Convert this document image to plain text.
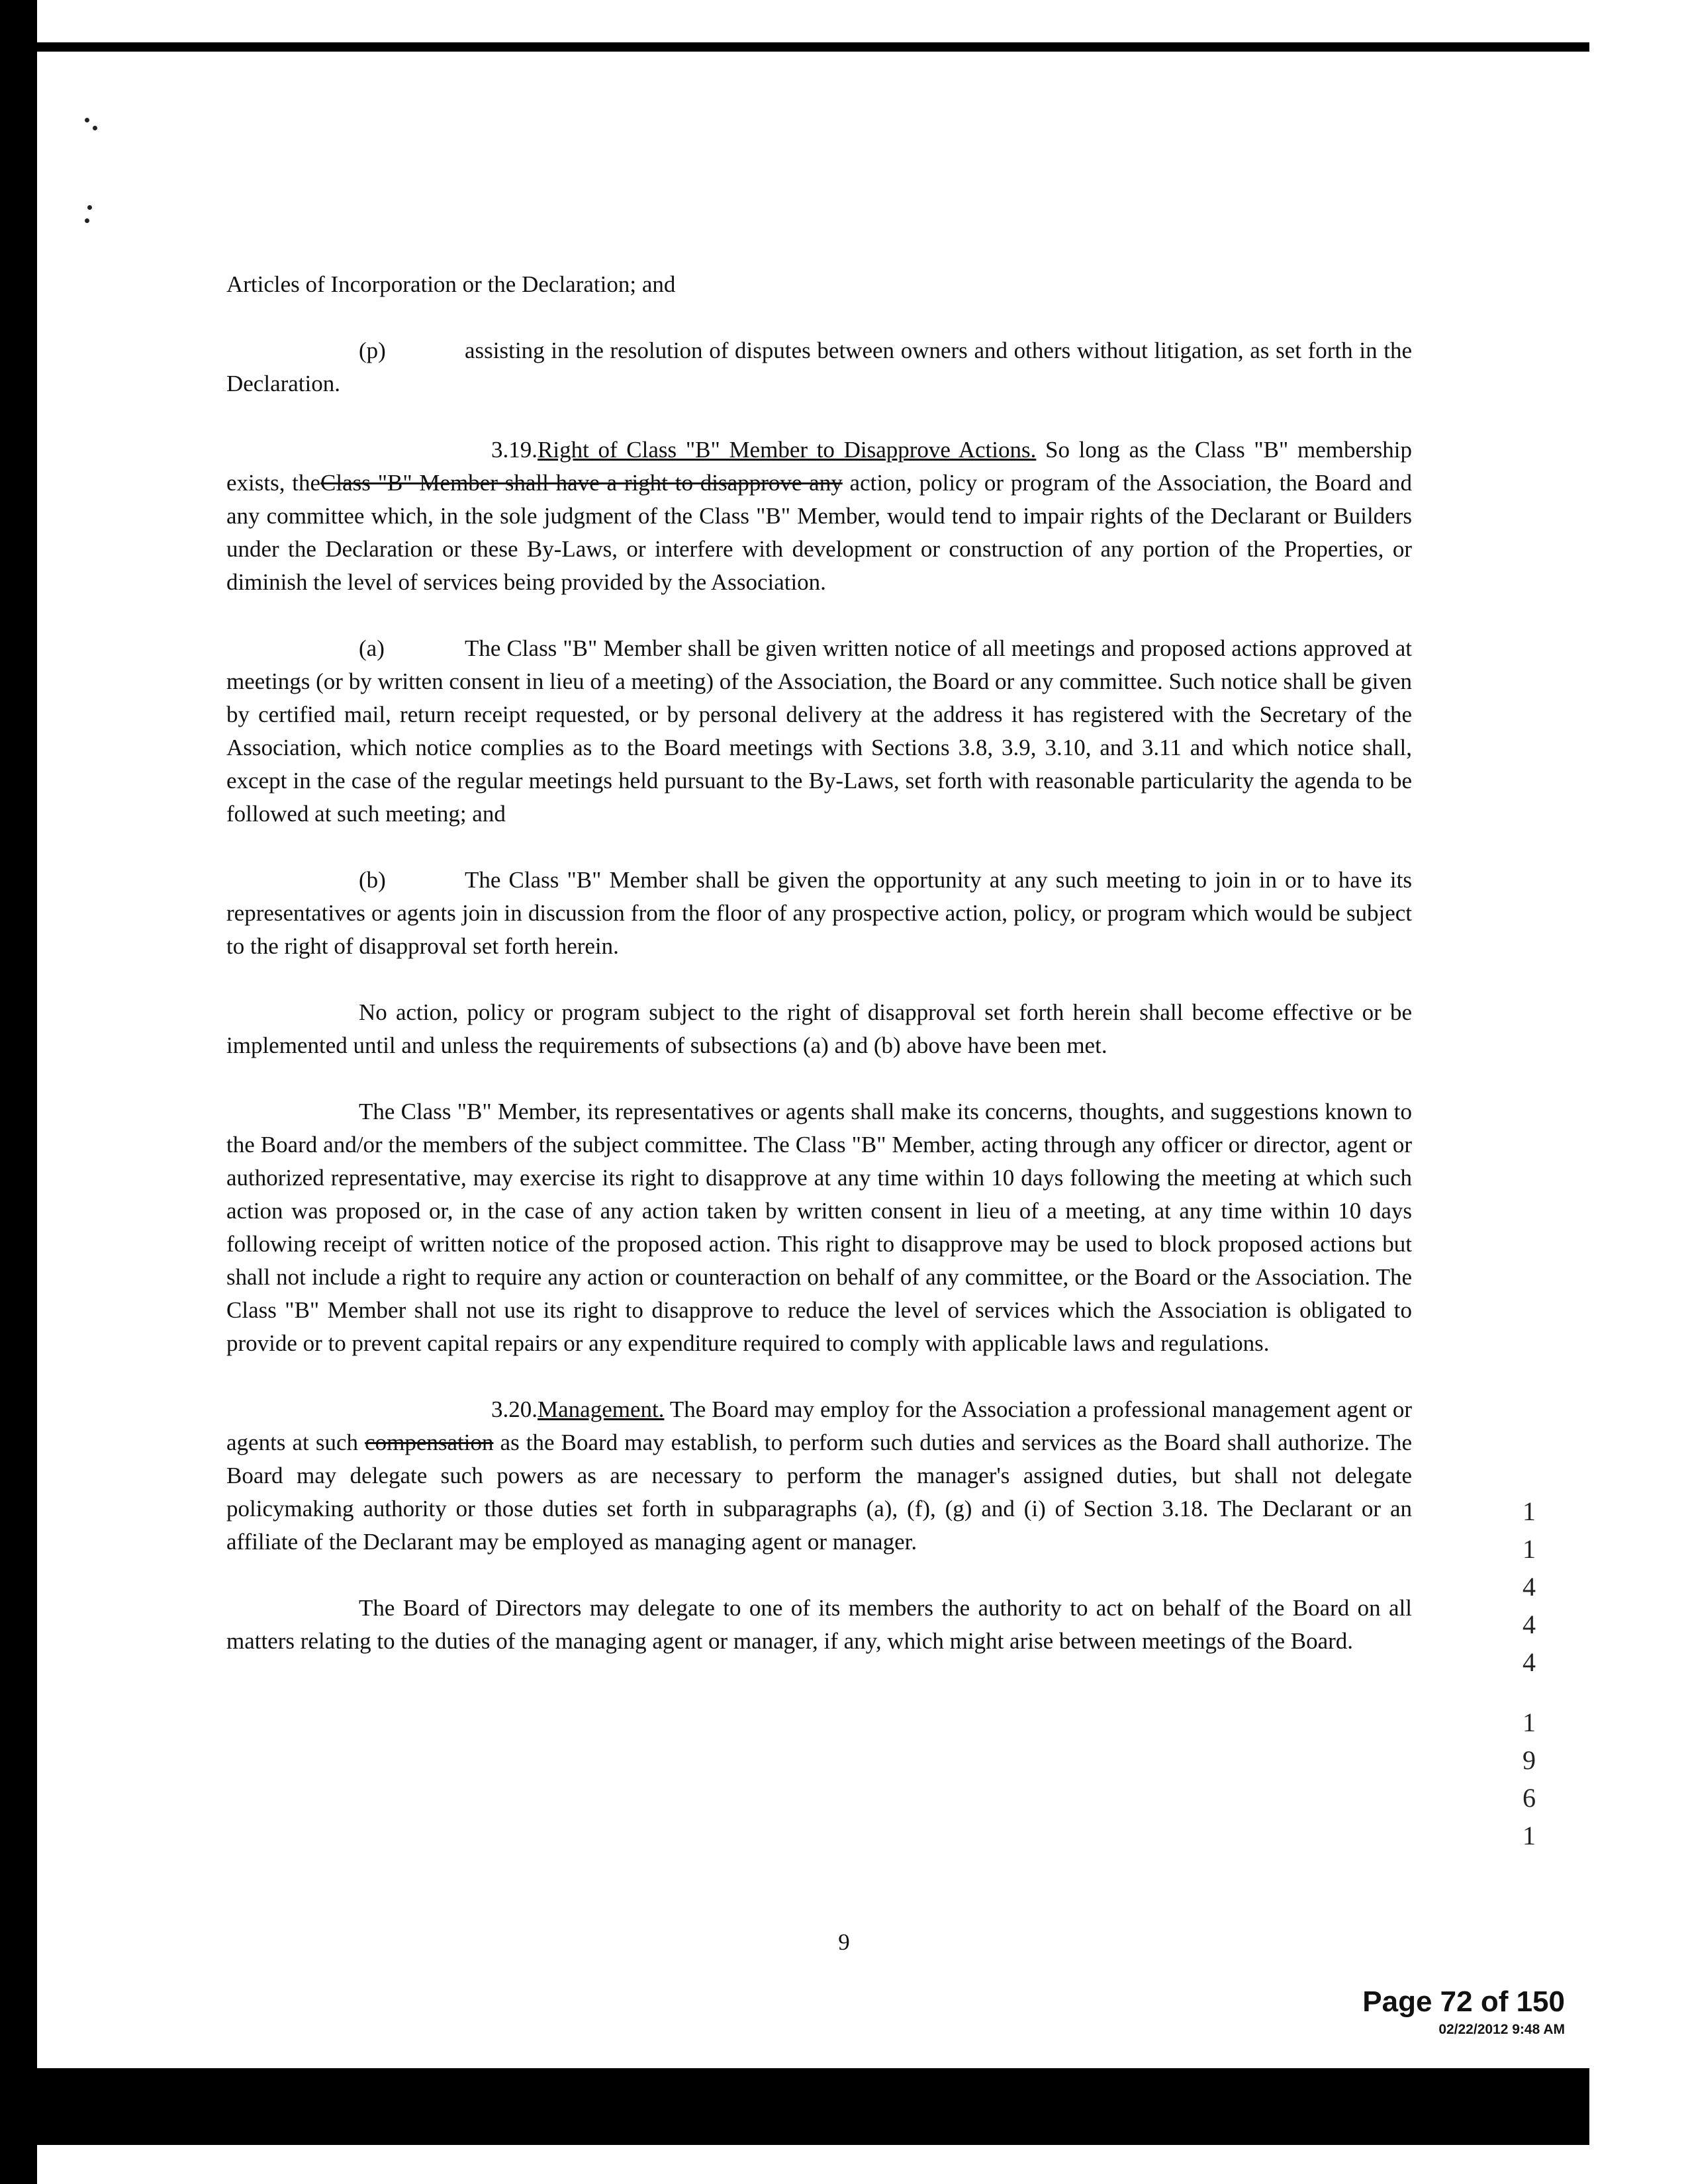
Articles of Incorporation or the Declaration; and

(p)	assisting in the resolution of disputes between owners and others without litigation, as set forth in the Declaration.

3.19.Right of Class "B" Member to Disapprove Actions. So long as the Class "B" membership exists, theClass "B" Member shall have a right to disapprove any action, policy or program of the Association, the Board and any committee which, in the sole judgment of the Class "B" Member, would tend to impair rights of the Declarant or Builders under the Declaration or these By-Laws, or interfere with development or construction of any portion of the Properties, or diminish the level of services being provided by the Association.

(a)	The Class "B" Member shall be given written notice of all meetings and proposed actions approved at meetings (or by written consent in lieu of a meeting) of the Association, the Board or any committee. Such notice shall be given by certified mail, return receipt requested, or by personal delivery at the address it has registered with the Secretary of the Association, which notice complies as to the Board meetings with Sections 3.8, 3.9, 3.10, and 3.11 and which notice shall, except in the case of the regular meetings held pursuant to the By-Laws, set forth with reasonable particularity the agenda to be followed at such meeting; and

(b)	The Class "B" Member shall be given the opportunity at any such meeting to join in or to have its representatives or agents join in discussion from the floor of any prospective action, policy, or program which would be subject to the right of disapproval set forth herein.

No action, policy or program subject to the right of disapproval set forth herein shall become effective or be implemented until and unless the requirements of subsections (a) and (b) above have been met.

The Class "B" Member, its representatives or agents shall make its concerns, thoughts, and suggestions known to the Board and/or the members of the subject committee. The Class "B" Member, acting through any officer or director, agent or authorized representative, may exercise its right to disapprove at any time within 10 days following the meeting at which such action was proposed or, in the case of any action taken by written consent in lieu of a meeting, at any time within 10 days following receipt of written notice of the proposed action. This right to disapprove may be used to block proposed actions but shall not include a right to require any action or counteraction on behalf of any committee, or the Board or the Association. The Class "B" Member shall not use its right to disapprove to reduce the level of services which the Association is obligated to provide or to prevent capital repairs or any expenditure required to comply with applicable laws and regulations.

3.20.Management. The Board may employ for the Association a professional management agent or agents at such compensation as the Board may establish, to perform such duties and services as the Board shall authorize. The Board may delegate such powers as are necessary to perform the manager's assigned duties, but shall not delegate policymaking authority or those duties set forth in subparagraphs (a), (f), (g) and (i) of Section 3.18. The Declarant or an affiliate of the Declarant may be employed as managing agent or manager.

The Board of Directors may delegate to one of its members the authority to act on behalf of the Board on all matters relating to the duties of the managing agent or manager, if any, which might arise between meetings of the Board.

9
1
1
4
4
4
1
9
6
1
Page 72 of 150
02/22/2012 9:48 AM
